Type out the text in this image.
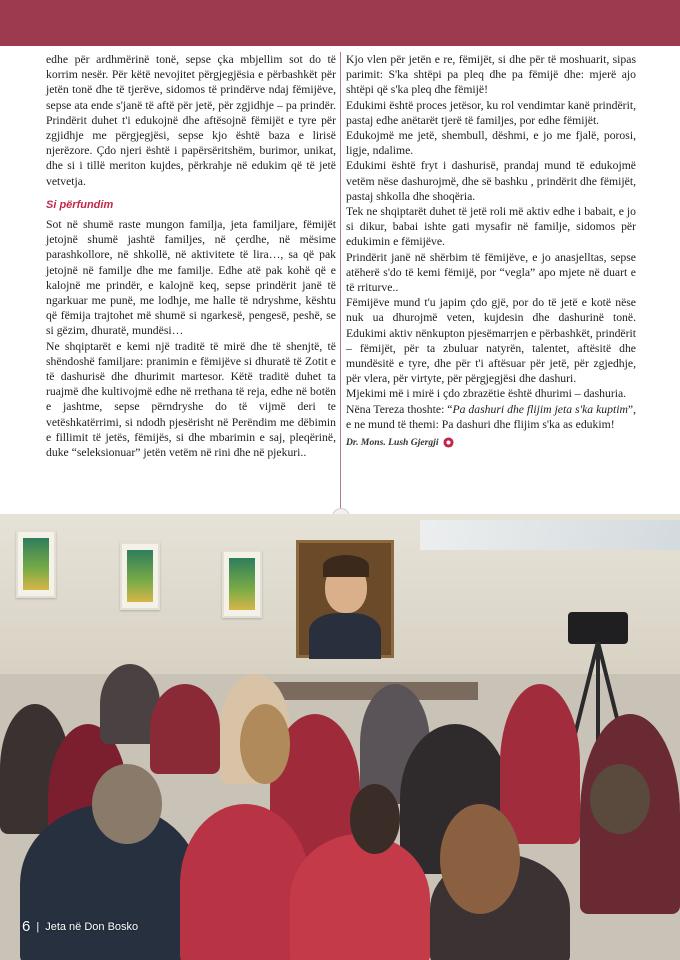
edhe për ardhmërinë tonë, sepse çka mbjellim sot do të korrim nesër. Për këtë nevojitet përgjegjësia e përbashkët për jetën tonë dhe të tjerëve, sidomos të prindërve ndaj fëmijëve, sepse ata ende s'janë të aftë për jetë, për zgjidhje – pa prindër. Prindërit duhet t'i edukojnë dhe aftësojnë fëmijët e tyre për zgjidhje me përgjegjësi, sepse kjo është baza e lirisë njerëzore. Çdo njeri është i papërsëritshëm, burimor, unikat, dhe si i tillë meriton kujdes, përkrahje në edukim që të jetë vetvetja.

Si përfundim

Sot në shumë raste mungon familja, jeta familjare, fëmijët jetojnë shumë jashtë familjes, në çerdhe, në mësime parashkollore, në shkollë, në aktivitete të lira…, sa që pak jetojnë në familje dhe me familje. Edhe atë pak kohë që e kalojnë me prindër, e kalojnë keq, sepse prindërit janë të ngarkuar me punë, me lodhje, me halle të ndryshme, kështu që fëmija trajtohet më shumë si ngarkesë, pengesë, peshë, se si gëzim, dhuratë, mundësi…

Ne shqiptarët e kemi një traditë të mirë dhe të shenjtë, të shëndoshë familjare: pranimin e fëmijëve si dhuratë të Zotit e të dashurisë dhe dhurimit martesor. Këtë traditë duhet ta ruajmë dhe kultivojmë edhe në rrethana të reja, edhe në botën e jashtme, sepse përndryshe do të vijmë deri te vetëshkatërrimi, si ndodh pjesërisht në Perëndim me dëbimin e fillimit të jetës, fëmijës, si dhe mbarimin e saj, pleqërinë, duke “seleksionuar” jetën vetëm në rini dhe në pjekuri..

Kjo vlen për jetën e re, fëmijët, si dhe për të moshuarit, sipas parimit: S'ka shtëpi pa pleq dhe pa fëmijë dhe: mjerë ajo shtëpi që s'ka pleq dhe fëmijë!

Edukimi është proces jetësor, ku rol vendimtar kanë prindërit, pastaj edhe anëtarët tjerë të familjes, por edhe fëmijët.

Edukojmë me jetë, shembull, dëshmi, e jo me fjalë, porosi, ligje, ndalime.

Edukimi është fryt i dashurisë, prandaj mund të edukojmë vetëm nëse dashurojmë, dhe së bashku , prindërit dhe fëmijët, pastaj shkolla dhe shoqëria.

Tek ne shqiptarët duhet të jetë roli më aktiv edhe i babait, e jo si dikur, babai ishte gati mysafir në familje, sidomos për edukimin e fëmijëve.

Prindërit janë në shërbim të fëmijëve, e jo anasjelltas, sepse atëherë s'do të kemi fëmijë, por “vegla” apo mjete në duart e të rriturve..

Fëmijëve mund t'u japim çdo gjë, por do të jetë e kotë nëse nuk ua dhurojmë veten, kujdesin dhe dashurinë tonë. Edukimi aktiv nënkupton pjesëmarrjen e përbashkët, prindërit – fëmijët, për ta zbuluar natyrën, talentet, aftësitë dhe mundësitë e tyre, dhe për t'i aftësuar për jetë, për zgjedhje, për vlera, për virtyte, për përgjegjësi dhe dashuri.

Mjekimi më i mirë i çdo zbrazëtie është dhurimi – dashuria.

Nëna Tereza thoshte: “Pa dashuri dhe flijim jeta s'ka kuptim”, e ne mund të themi: Pa dashuri dhe flijim s'ka as edukim!

Dr. Mons. Lush Gjergji
6 | Jeta në Don Bosko
